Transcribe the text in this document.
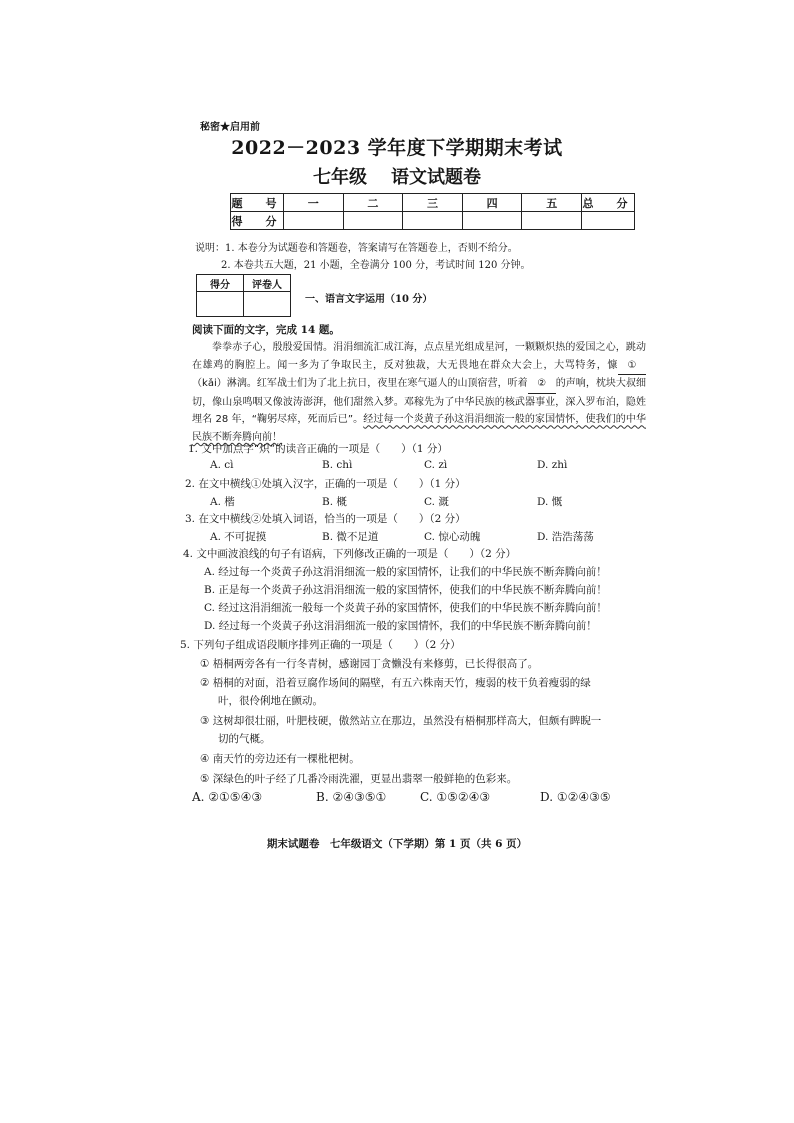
秘密★启用前
2022－2023 学年度下学期期末考试
七年级 语文试题卷
题　号	一	二	三	四	五	总　分
得　分						
说明：1. 本卷分为试题卷和答题卷，答案请写在答题卷上，否则不给分。
2. 本卷共五大题，21 小题，全卷满分 100 分，考试时间 120 分钟。
得分	评卷人

一、语言文字运用（10 分）
阅读下面的文字，完成 14 题。

拳拳赤子心，殷殷爱国情。涓涓细流汇成江海，点点星光组成星河，一颗颗炽热的爱国之心，跳动在雄鸡的胸腔上。闻一多为了争取民主，反对独裁，大无畏地在群众大会上，大骂特务，慷 ①（kǎi）淋漓。红军战士们为了北上抗日，夜里在寒气逼人的山顶宿营，听着 ② 的声响，枕块大叔细切，像山泉鸣咽又像波涛澎湃，他们甜然入梦。邓稼先为了中华民族的核武器事业，深入罗布泊，隐姓埋名 28 年，“鞠躬尽瘁，死而后已”。经过每一个炎黄子孙这涓涓细流一般的家国情怀，使我们的中华民族不断奔腾向前！

1. 文中加点字“炽”的读音正确的一项是（　　）（1 分）
A. cì	B. chì	C. zì	D. zhì
2. 在文中横线①处填入汉字，正确的一项是（　　）（1 分）
A. 楷	B. 概	C. 溉	D. 慨
3. 在文中横线②处填入词语，恰当的一项是（　　）（2 分）
A. 不可捉摸	B. 微不足道	C. 惊心动魄	D. 浩浩荡荡
4. 文中画波浪线的句子有语病，下列修改正确的一项是（　　）（2 分）
A. 经过每一个炎黄子孙这涓涓细流一般的家国情怀，让我们的中华民族不断奔腾向前！
B. 正是每一个炎黄子孙这涓涓细流一般的家国情怀，使我们的中华民族不断奔腾向前！
C. 经过这涓涓细流一般每一个炎黄子孙的家国情怀，使我们的中华民族不断奔腾向前！
D. 经过每一个炎黄子孙这涓涓细流一般的家国情怀，我们的中华民族不断奔腾向前！
5. 下列句子组成语段顺序排列正确的一项是（　　）（2 分）
① 梧桐两旁各有一行冬青树，感谢园丁贪懒没有来修剪，已长得很高了。
② 梧桐的对面，沿着豆腐作场间的隔壁，有五六株南天竹，瘦弱的枝干负着瘦弱的绿
叶，很伶俐地在颤动。
③ 这树却很壮丽，叶肥枝硬，傲然站立在那边，虽然没有梧桐那样高大，但颇有睥睨一
切的气概。
④ 南天竹的旁边还有一棵枇杷树。
⑤ 深绿色的叶子经了几番冷雨洗濯，更显出翡翠一般鲜艳的色彩来。
A. ②①⑤④③	B. ②④③⑤①	C. ①⑤②④③	D. ①②④③⑤
期末试题卷　七年级语文（下学期）第 1 页（共 6 页）
